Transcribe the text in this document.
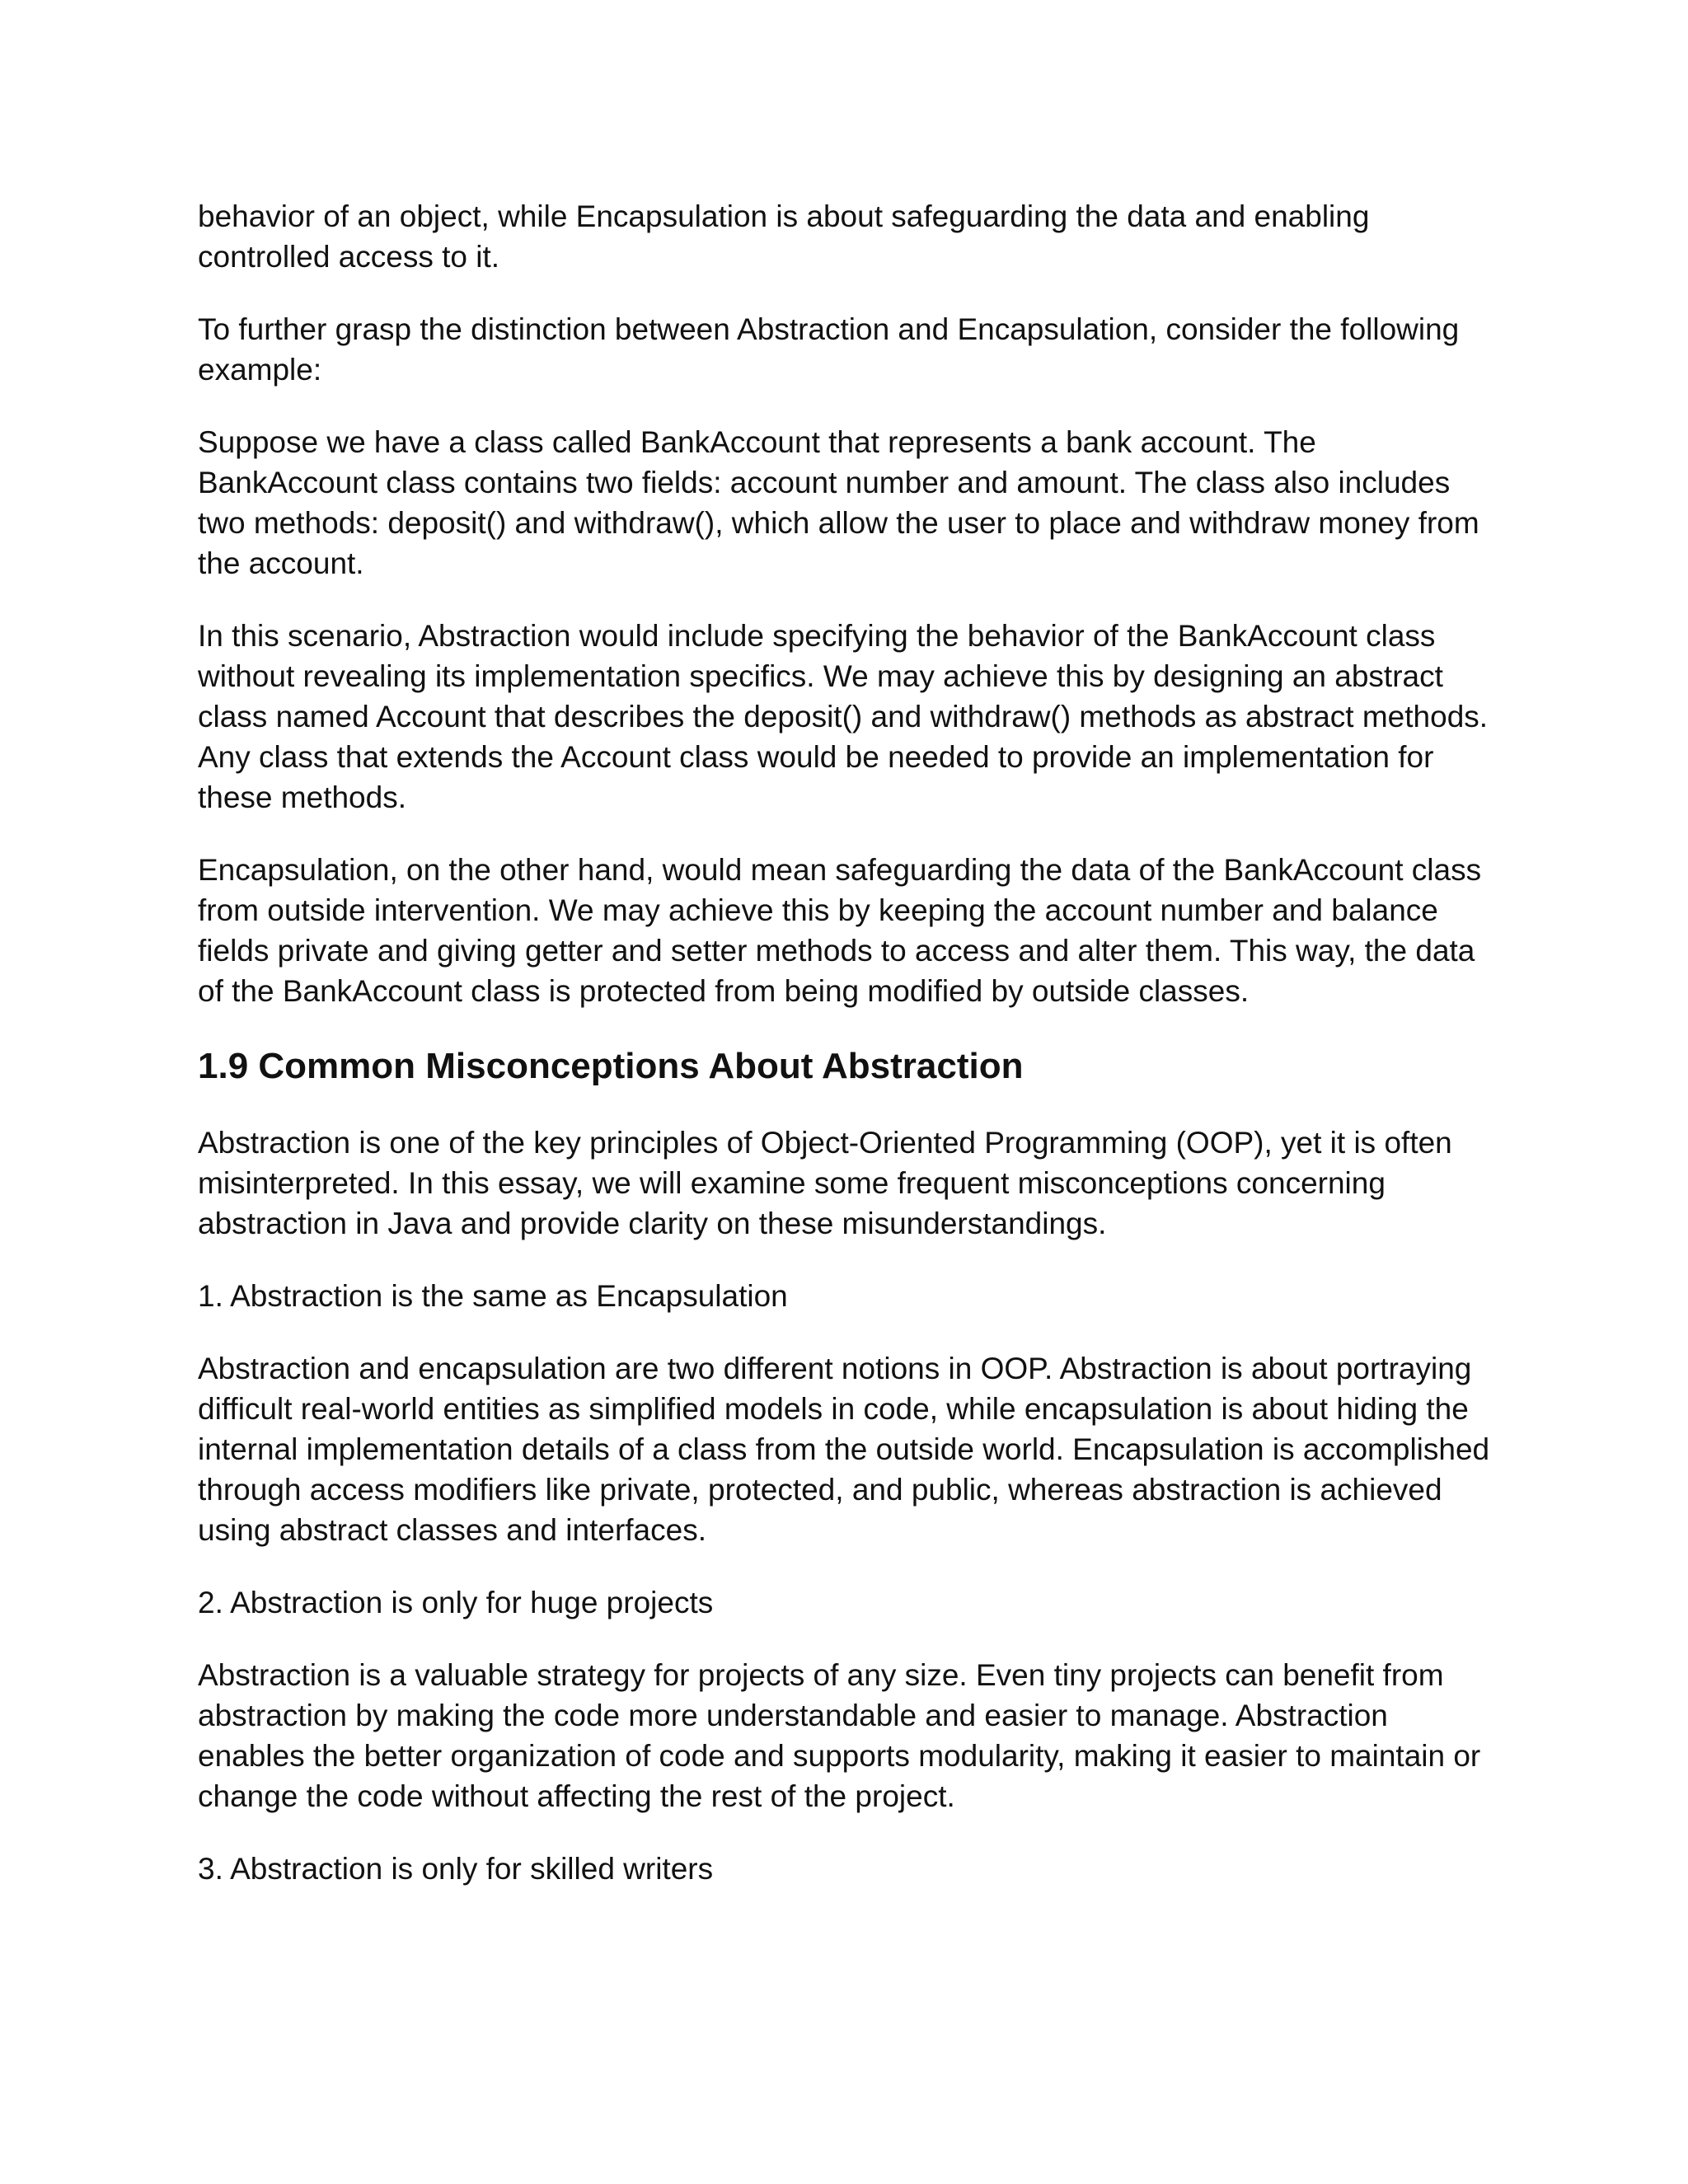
behavior of an object, while Encapsulation is about safeguarding the data and enabling controlled access to it.

To further grasp the distinction between Abstraction and Encapsulation, consider the following example:

Suppose we have a class called BankAccount that represents a bank account. The BankAccount class contains two fields: account number and amount. The class also includes two methods: deposit() and withdraw(), which allow the user to place and withdraw money from the account.

In this scenario, Abstraction would include specifying the behavior of the BankAccount class without revealing its implementation specifics. We may achieve this by designing an abstract class named Account that describes the deposit() and withdraw() methods as abstract methods. Any class that extends the Account class would be needed to provide an implementation for these methods.

Encapsulation, on the other hand, would mean safeguarding the data of the BankAccount class from outside intervention. We may achieve this by keeping the account number and balance fields private and giving getter and setter methods to access and alter them. This way, the data of the BankAccount class is protected from being modified by outside classes.

1.9 Common Misconceptions About Abstraction

Abstraction is one of the key principles of Object-Oriented Programming (OOP), yet it is often misinterpreted. In this essay, we will examine some frequent misconceptions concerning abstraction in Java and provide clarity on these misunderstandings.

1. Abstraction is the same as Encapsulation

Abstraction and encapsulation are two different notions in OOP. Abstraction is about portraying difficult real-world entities as simplified models in code, while encapsulation is about hiding the internal implementation details of a class from the outside world. Encapsulation is accomplished through access modifiers like private, protected, and public, whereas abstraction is achieved using abstract classes and interfaces.

2. Abstraction is only for huge projects

Abstraction is a valuable strategy for projects of any size. Even tiny projects can benefit from abstraction by making the code more understandable and easier to manage. Abstraction enables the better organization of code and supports modularity, making it easier to maintain or change the code without affecting the rest of the project.

3. Abstraction is only for skilled writers
